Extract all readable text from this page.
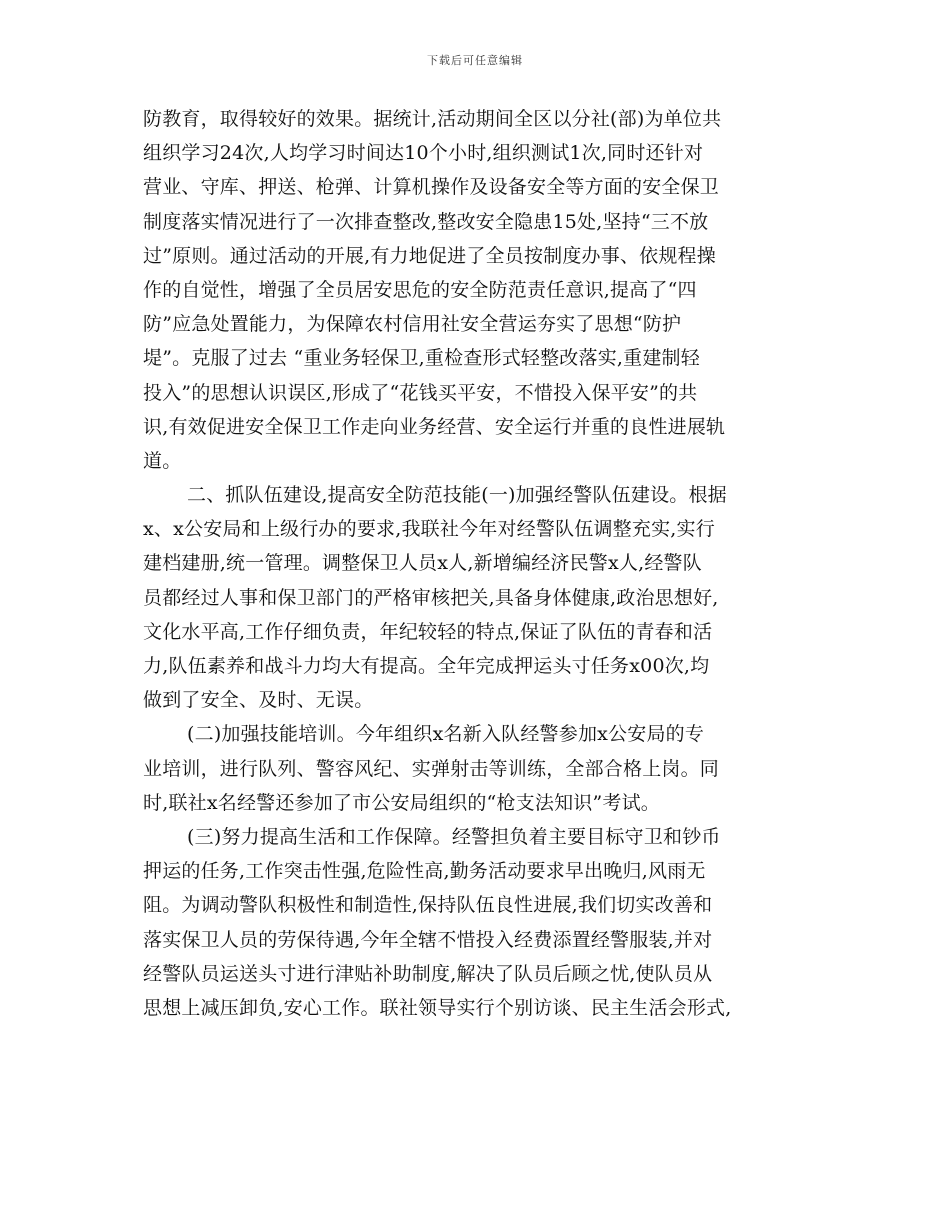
下载后可任意编辑
防教育，取得较好的效果。据统计,活动期间全区以分社(部)为单位共
组织学习24次,人均学习时间达10个小时,组织测试1次,同时还针对
营业、守库、押送、枪弹、计算机操作及设备安全等方面的安全保卫
制度落实情况进行了一次排查整改,整改安全隐患15处,坚持“三不放
过”原则。通过活动的开展,有力地促进了全员按制度办事、依规程操
作的自觉性，增强了全员居安思危的安全防范责任意识,提高了“四
防”应急处置能力，为保障农村信用社安全营运夯实了思想“防护
堤”。克服了过去 “重业务轻保卫,重检查形式轻整改落实,重建制轻
投入”的思想认识误区,形成了“花钱买平安，不惜投入保平安”的共
识,有效促进安全保卫工作走向业务经营、安全运行并重的良性进展轨
道。
二、抓队伍建设,提高安全防范技能(一)加强经警队伍建设。根据
x、x公安局和上级行办的要求,我联社今年对经警队伍调整充实,实行
建档建册,统一管理。调整保卫人员x人,新增编经济民警x人,经警队
员都经过人事和保卫部门的严格审核把关,具备身体健康,政治思想好,
文化水平高,工作仔细负责，年纪较轻的特点,保证了队伍的青春和活
力,队伍素养和战斗力均大有提高。全年完成押运头寸任务x00次,均
做到了安全、及时、无误。
(二)加强技能培训。今年组织x名新入队经警参加x公安局的专
业培训，进行队列、警容风纪、实弹射击等训练，全部合格上岗。同
时,联社x名经警还参加了市公安局组织的“枪支法知识”考试。
(三)努力提高生活和工作保障。经警担负着主要目标守卫和钞币
押运的任务,工作突击性强,危险性高,勤务活动要求早出晚归,风雨无
阻。为调动警队积极性和制造性,保持队伍良性进展,我们切实改善和
落实保卫人员的劳保待遇,今年全辖不惜投入经费添置经警服装,并对
经警队员运送头寸进行津贴补助制度,解决了队员后顾之忧,使队员从
思想上减压卸负,安心工作。联社领导实行个别访谈、民主生活会形式,
